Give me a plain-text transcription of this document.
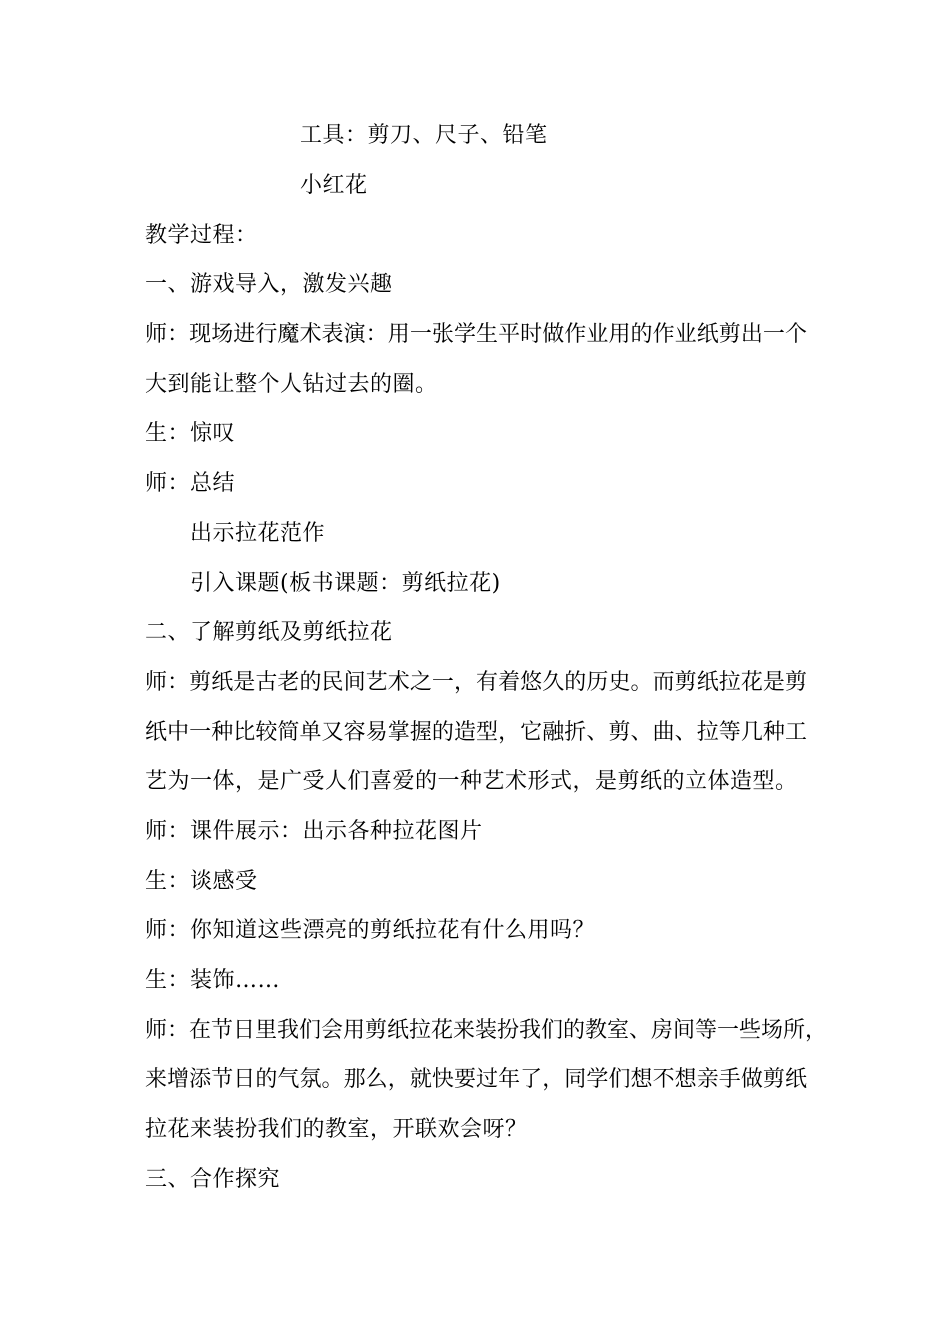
工具：剪刀、尺子、铅笔
小红花
教学过程：
一、游戏导入，激发兴趣
师：现场进行魔术表演：用一张学生平时做作业用的作业纸剪出一个
大到能让整个人钻过去的圈。
生：惊叹
师：总结
出示拉花范作
引入课题(板书课题：剪纸拉花)
二、了解剪纸及剪纸拉花
师：剪纸是古老的民间艺术之一，有着悠久的历史。而剪纸拉花是剪
纸中一种比较简单又容易掌握的造型，它融折、剪、曲、拉等几种工
艺为一体，是广受人们喜爱的一种艺术形式，是剪纸的立体造型。
师：课件展示：出示各种拉花图片
生：谈感受
师：你知道这些漂亮的剪纸拉花有什么用吗？
生：装饰……
师：在节日里我们会用剪纸拉花来装扮我们的教室、房间等一些场所，
来增添节日的气氛。那么，就快要过年了，同学们想不想亲手做剪纸
拉花来装扮我们的教室，开联欢会呀？
三、合作探究
